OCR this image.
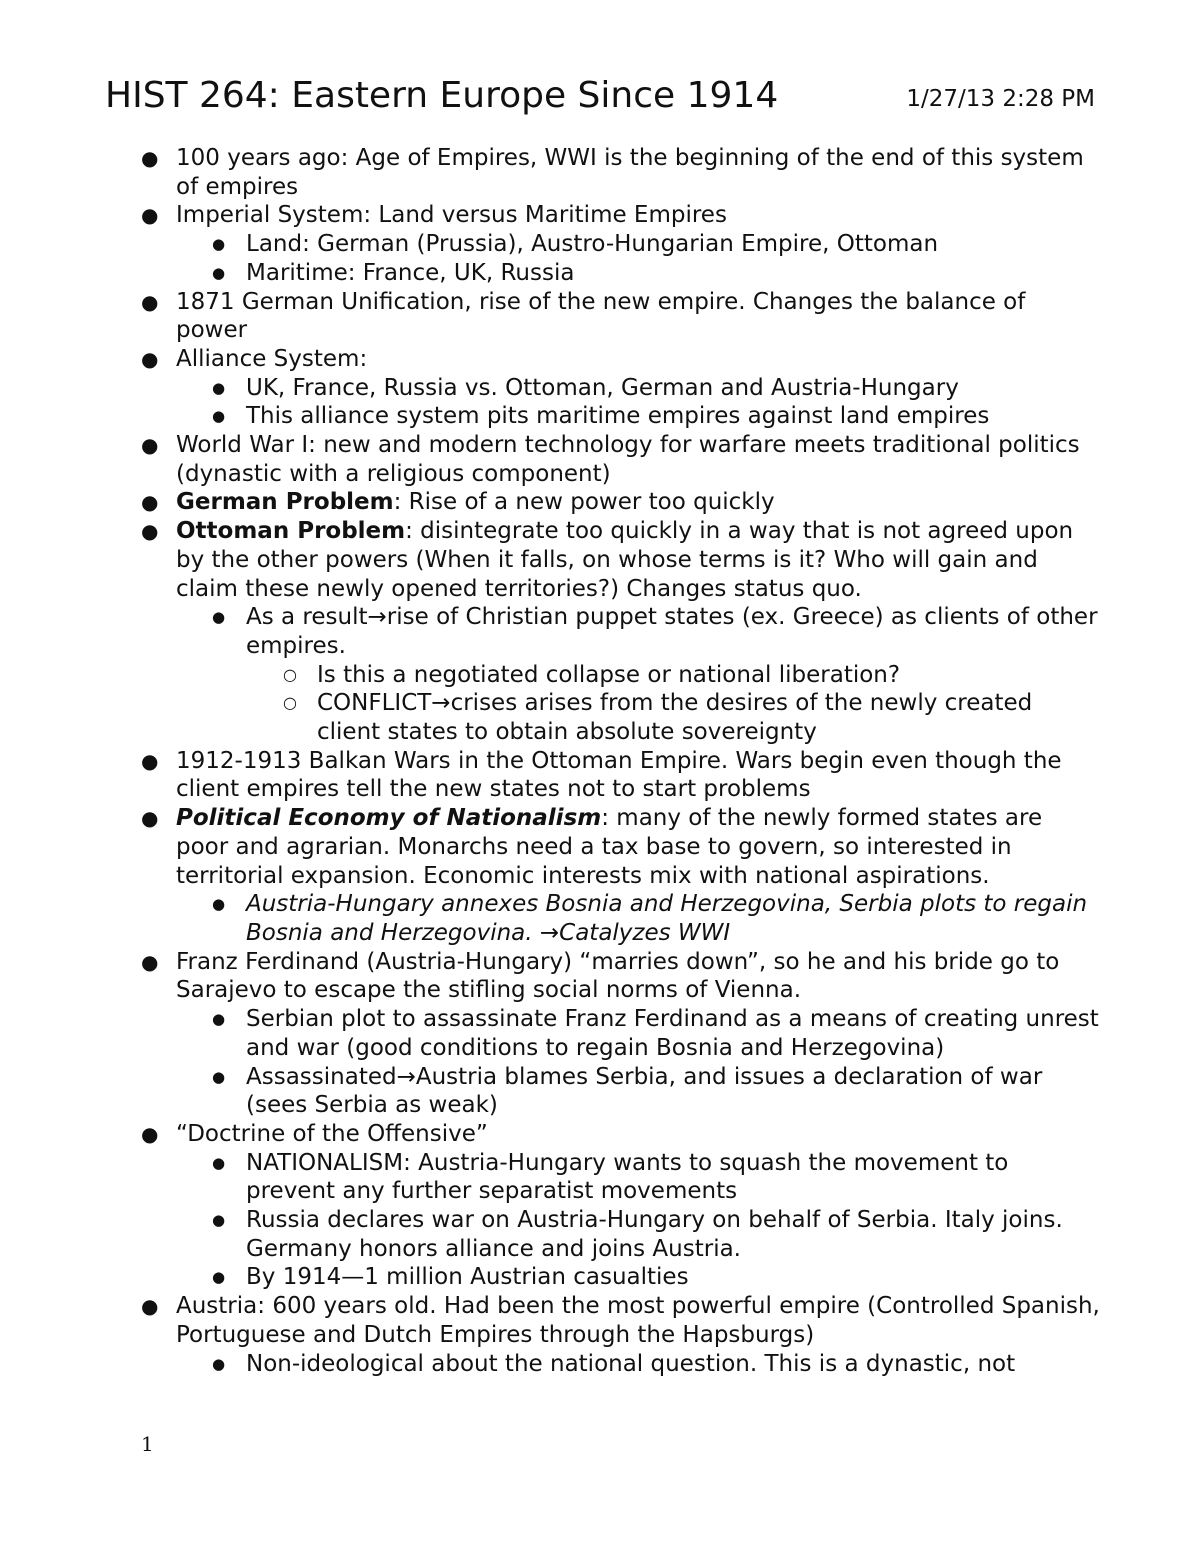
HIST 264: Eastern Europe Since 1914	1/27/13 2:28 PM
● 100 years ago: Age of Empires, WWI is the beginning of the end of this system of empires
● Imperial System: Land versus Maritime Empires
● Land: German (Prussia), Austro-Hungarian Empire, Ottoman
● Maritime: France, UK, Russia
● 1871 German Unification, rise of the new empire. Changes the balance of power
● Alliance System:
● UK, France, Russia vs. Ottoman, German and Austria-Hungary
● This alliance system pits maritime empires against land empires
● World War I: new and modern technology for warfare meets traditional politics (dynastic with a religious component)
● German Problem: Rise of a new power too quickly
● Ottoman Problem: disintegrate too quickly in a way that is not agreed upon by the other powers (When it falls, on whose terms is it? Who will gain and claim these newly opened territories?) Changes status quo.
● As a result→rise of Christian puppet states (ex. Greece) as clients of other empires.
○ Is this a negotiated collapse or national liberation?
○ CONFLICT→crises arises from the desires of the newly created client states to obtain absolute sovereignty
● 1912-1913 Balkan Wars in the Ottoman Empire. Wars begin even though the client empires tell the new states not to start problems
● Political Economy of Nationalism: many of the newly formed states are poor and agrarian. Monarchs need a tax base to govern, so interested in territorial expansion. Economic interests mix with national aspirations.
● Austria-Hungary annexes Bosnia and Herzegovina, Serbia plots to regain Bosnia and Herzegovina. →Catalyzes WWI
● Franz Ferdinand (Austria-Hungary) “marries down”, so he and his bride go to Sarajevo to escape the stifling social norms of Vienna.
● Serbian plot to assassinate Franz Ferdinand as a means of creating unrest and war (good conditions to regain Bosnia and Herzegovina)
● Assassinated→Austria blames Serbia, and issues a declaration of war (sees Serbia as weak)
● “Doctrine of the Offensive”
● NATIONALISM: Austria-Hungary wants to squash the movement to prevent any further separatist movements
● Russia declares war on Austria-Hungary on behalf of Serbia. Italy joins. Germany honors alliance and joins Austria.
● By 1914—1 million Austrian casualties
● Austria: 600 years old. Had been the most powerful empire (Controlled Spanish, Portuguese and Dutch Empires through the Hapsburgs)
● Non-ideological about the national question. This is a dynastic, not
1
